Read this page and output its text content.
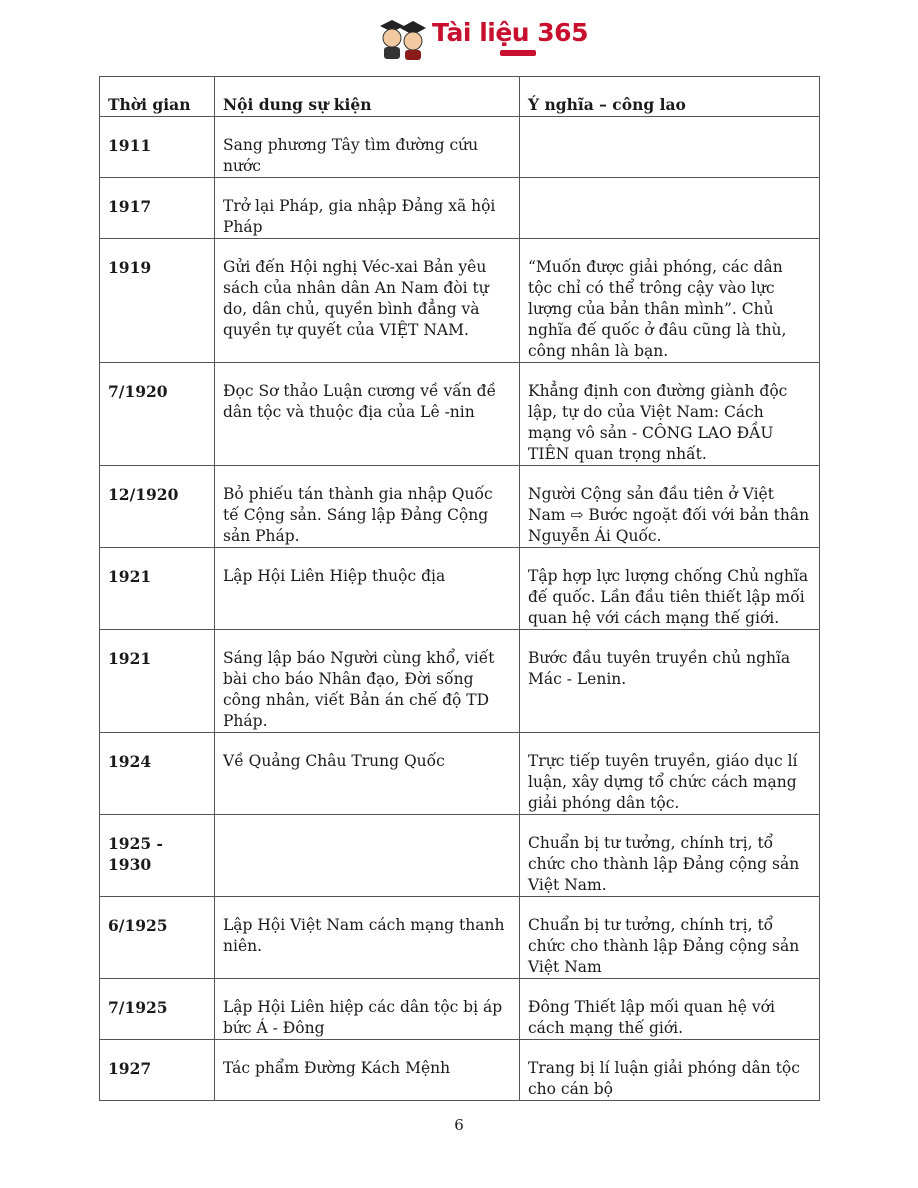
Tài liệu 365
Thời gian	Nội dung sự kiện	Ý nghĩa – công lao
1911	Sang phương Tây tìm đường cứu nước	
1917	Trở lại Pháp, gia nhập Đảng xã hội Pháp	
1919	Gửi đến Hội nghị Véc-xai Bản yêu sách của nhân dân An Nam đòi tự do, dân chủ, quyền bình đẳng và quyền tự quyết của VIỆT NAM.	“Muốn được giải phóng, các dân tộc chỉ có thể trông cậy vào lực lượng của bản thân mình”. Chủ nghĩa đế quốc ở đâu cũng là thù, công nhân là bạn.
7/1920	Đọc Sơ thảo Luận cương về vấn đề dân tộc và thuộc địa của Lê -nin	Khẳng định con đường giành độc lập, tự do của Việt Nam: Cách mạng vô sản - CÔNG LAO ĐẦU TIÊN quan trọng nhất.
12/1920	Bỏ phiếu tán thành gia nhập Quốc tế Cộng sản. Sáng lập Đảng Cộng sản Pháp.	Người Cộng sản đầu tiên ở Việt Nam ⇨ Bước ngoặt đối với bản thân Nguyễn Ái Quốc.
1921	Lập Hội Liên Hiệp thuộc địa	Tập hợp lực lượng chống Chủ nghĩa đế quốc. Lần đầu tiên thiết lập mối quan hệ với cách mạng thế giới.
1921	Sáng lập báo Người cùng khổ, viết bài cho báo Nhân đạo, Đời sống công nhân, viết Bản án chế độ TD Pháp.	Bước đầu tuyên truyền chủ nghĩa Mác - Lenin.
1924	Về Quảng Châu Trung Quốc	Trực tiếp tuyên truyền, giáo dục lí luận, xây dựng tổ chức cách mạng giải phóng dân tộc.
1925 - 1930		Chuẩn bị tư tưởng, chính trị, tổ chức cho thành lập Đảng cộng sản Việt Nam.
6/1925	Lập Hội Việt Nam cách mạng thanh niên.	Chuẩn bị tư tưởng, chính trị, tổ chức cho thành lập Đảng cộng sản Việt Nam
7/1925	Lập Hội Liên hiệp các dân tộc bị áp bức Á - Đông	Đông Thiết lập mối quan hệ với cách mạng thế giới.
1927	Tác phẩm Đường Kách Mệnh	Trang bị lí luận giải phóng dân tộc cho cán bộ
6
